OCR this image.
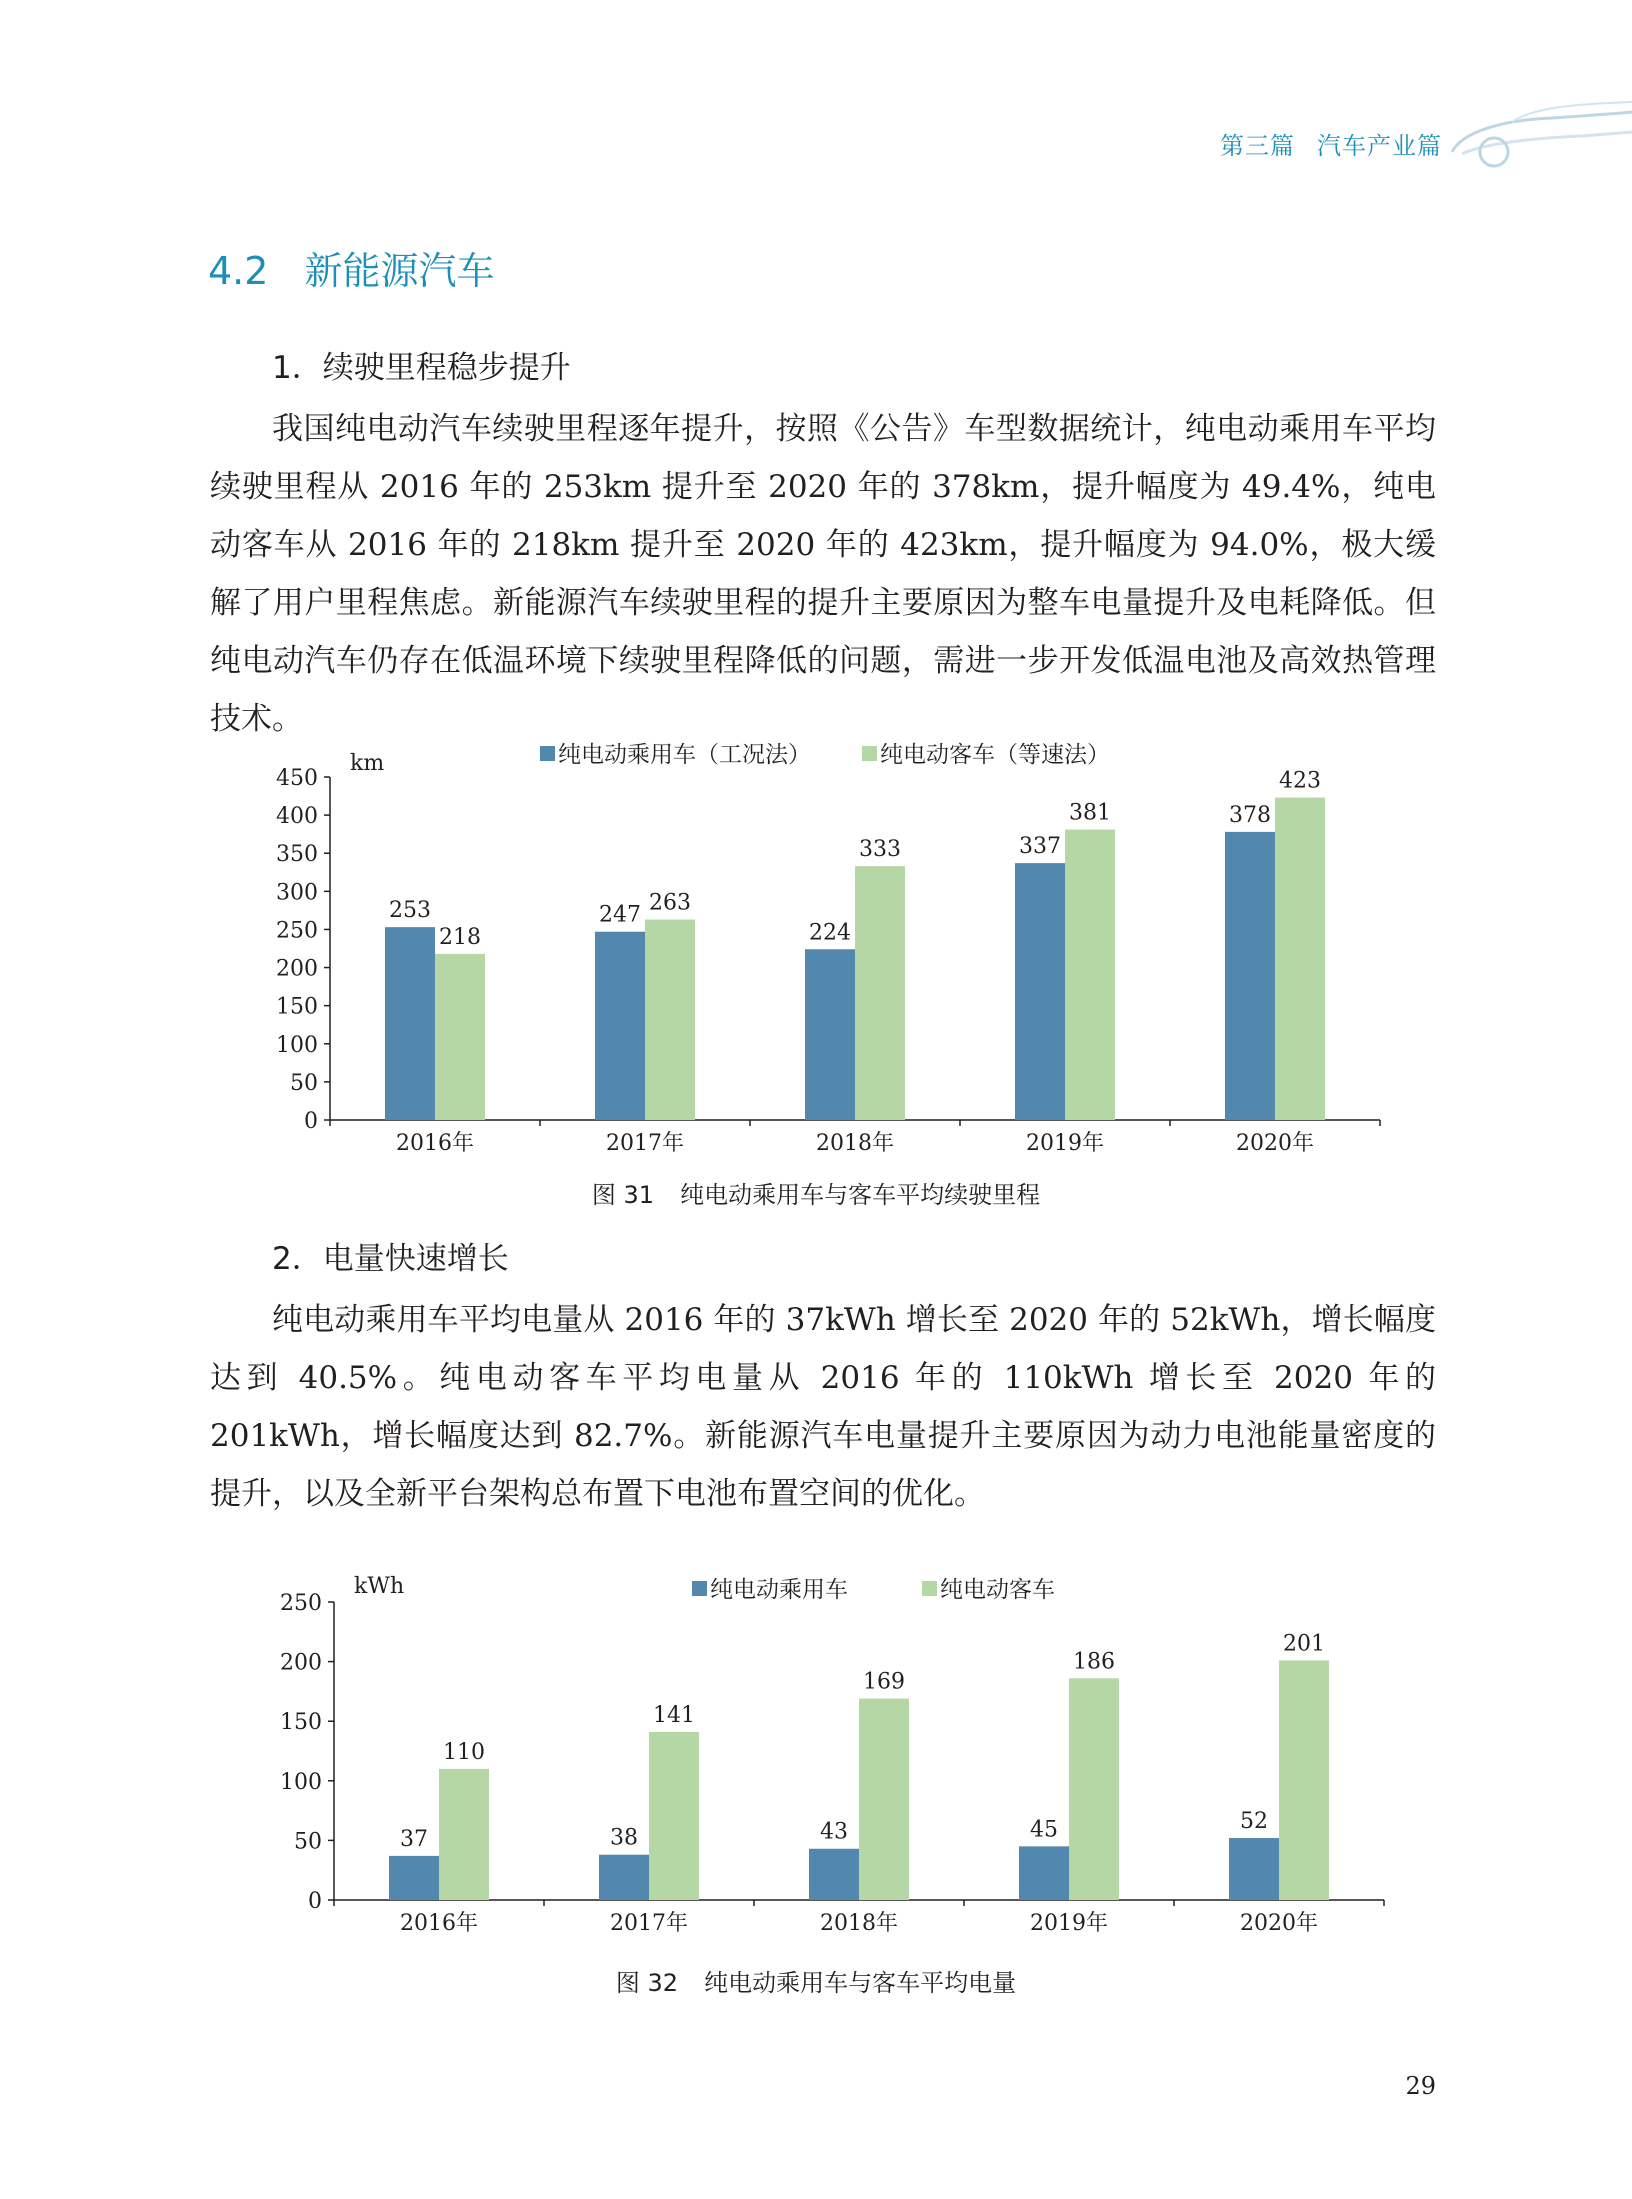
第三篇 汽车产业篇
4.2 新能源汽车
1．续驶里程稳步提升

我国纯电动汽车续驶里程逐年提升，按照《公告》车型数据统计，纯电动乘用车平均续驶里程从 2016 年的 253km 提升至 2020 年的 378km，提升幅度为 49.4%，纯电动客车从 2016 年的 218km 提升至 2020 年的 423km，提升幅度为 94.0%，极大缓解了用户里程焦虑。新能源汽车续驶里程的提升主要原因为整车电量提升及电耗降低。但纯电动汽车仍存在低温环境下续驶里程降低的问题，需进一步开发低温电池及高效热管理技术。

0
50
100
150
200
250
300
350
400
450
km	纯电动乘用车（工况法）	纯电动客车（等速法）
253
218
2016年
247 263
2017年
224
333
2018年
337
381
2019年
378
423
2020年
图 31 纯电动乘用车与客车平均续驶里程
2．电量快速增长

纯电动乘用车平均电量从 2016 年的 37kWh 增长至 2020 年的 52kWh，增长幅度达到 40.5%。纯电动客车平均电量从 2016 年的 110kWh 增长至 2020 年的 201kWh，增长幅度达到 82.7%。新能源汽车电量提升主要原因为动力电池能量密度的提升，以及全新平台架构总布置下电池布置空间的优化。

0
50
100
150
200
250
kWh	纯电动乘用车	纯电动客车
37
110
2016年
38
141
2017年
43
169
2018年
45
186
2019年
52
201
2020年
图 32 纯电动乘用车与客车平均电量
29
